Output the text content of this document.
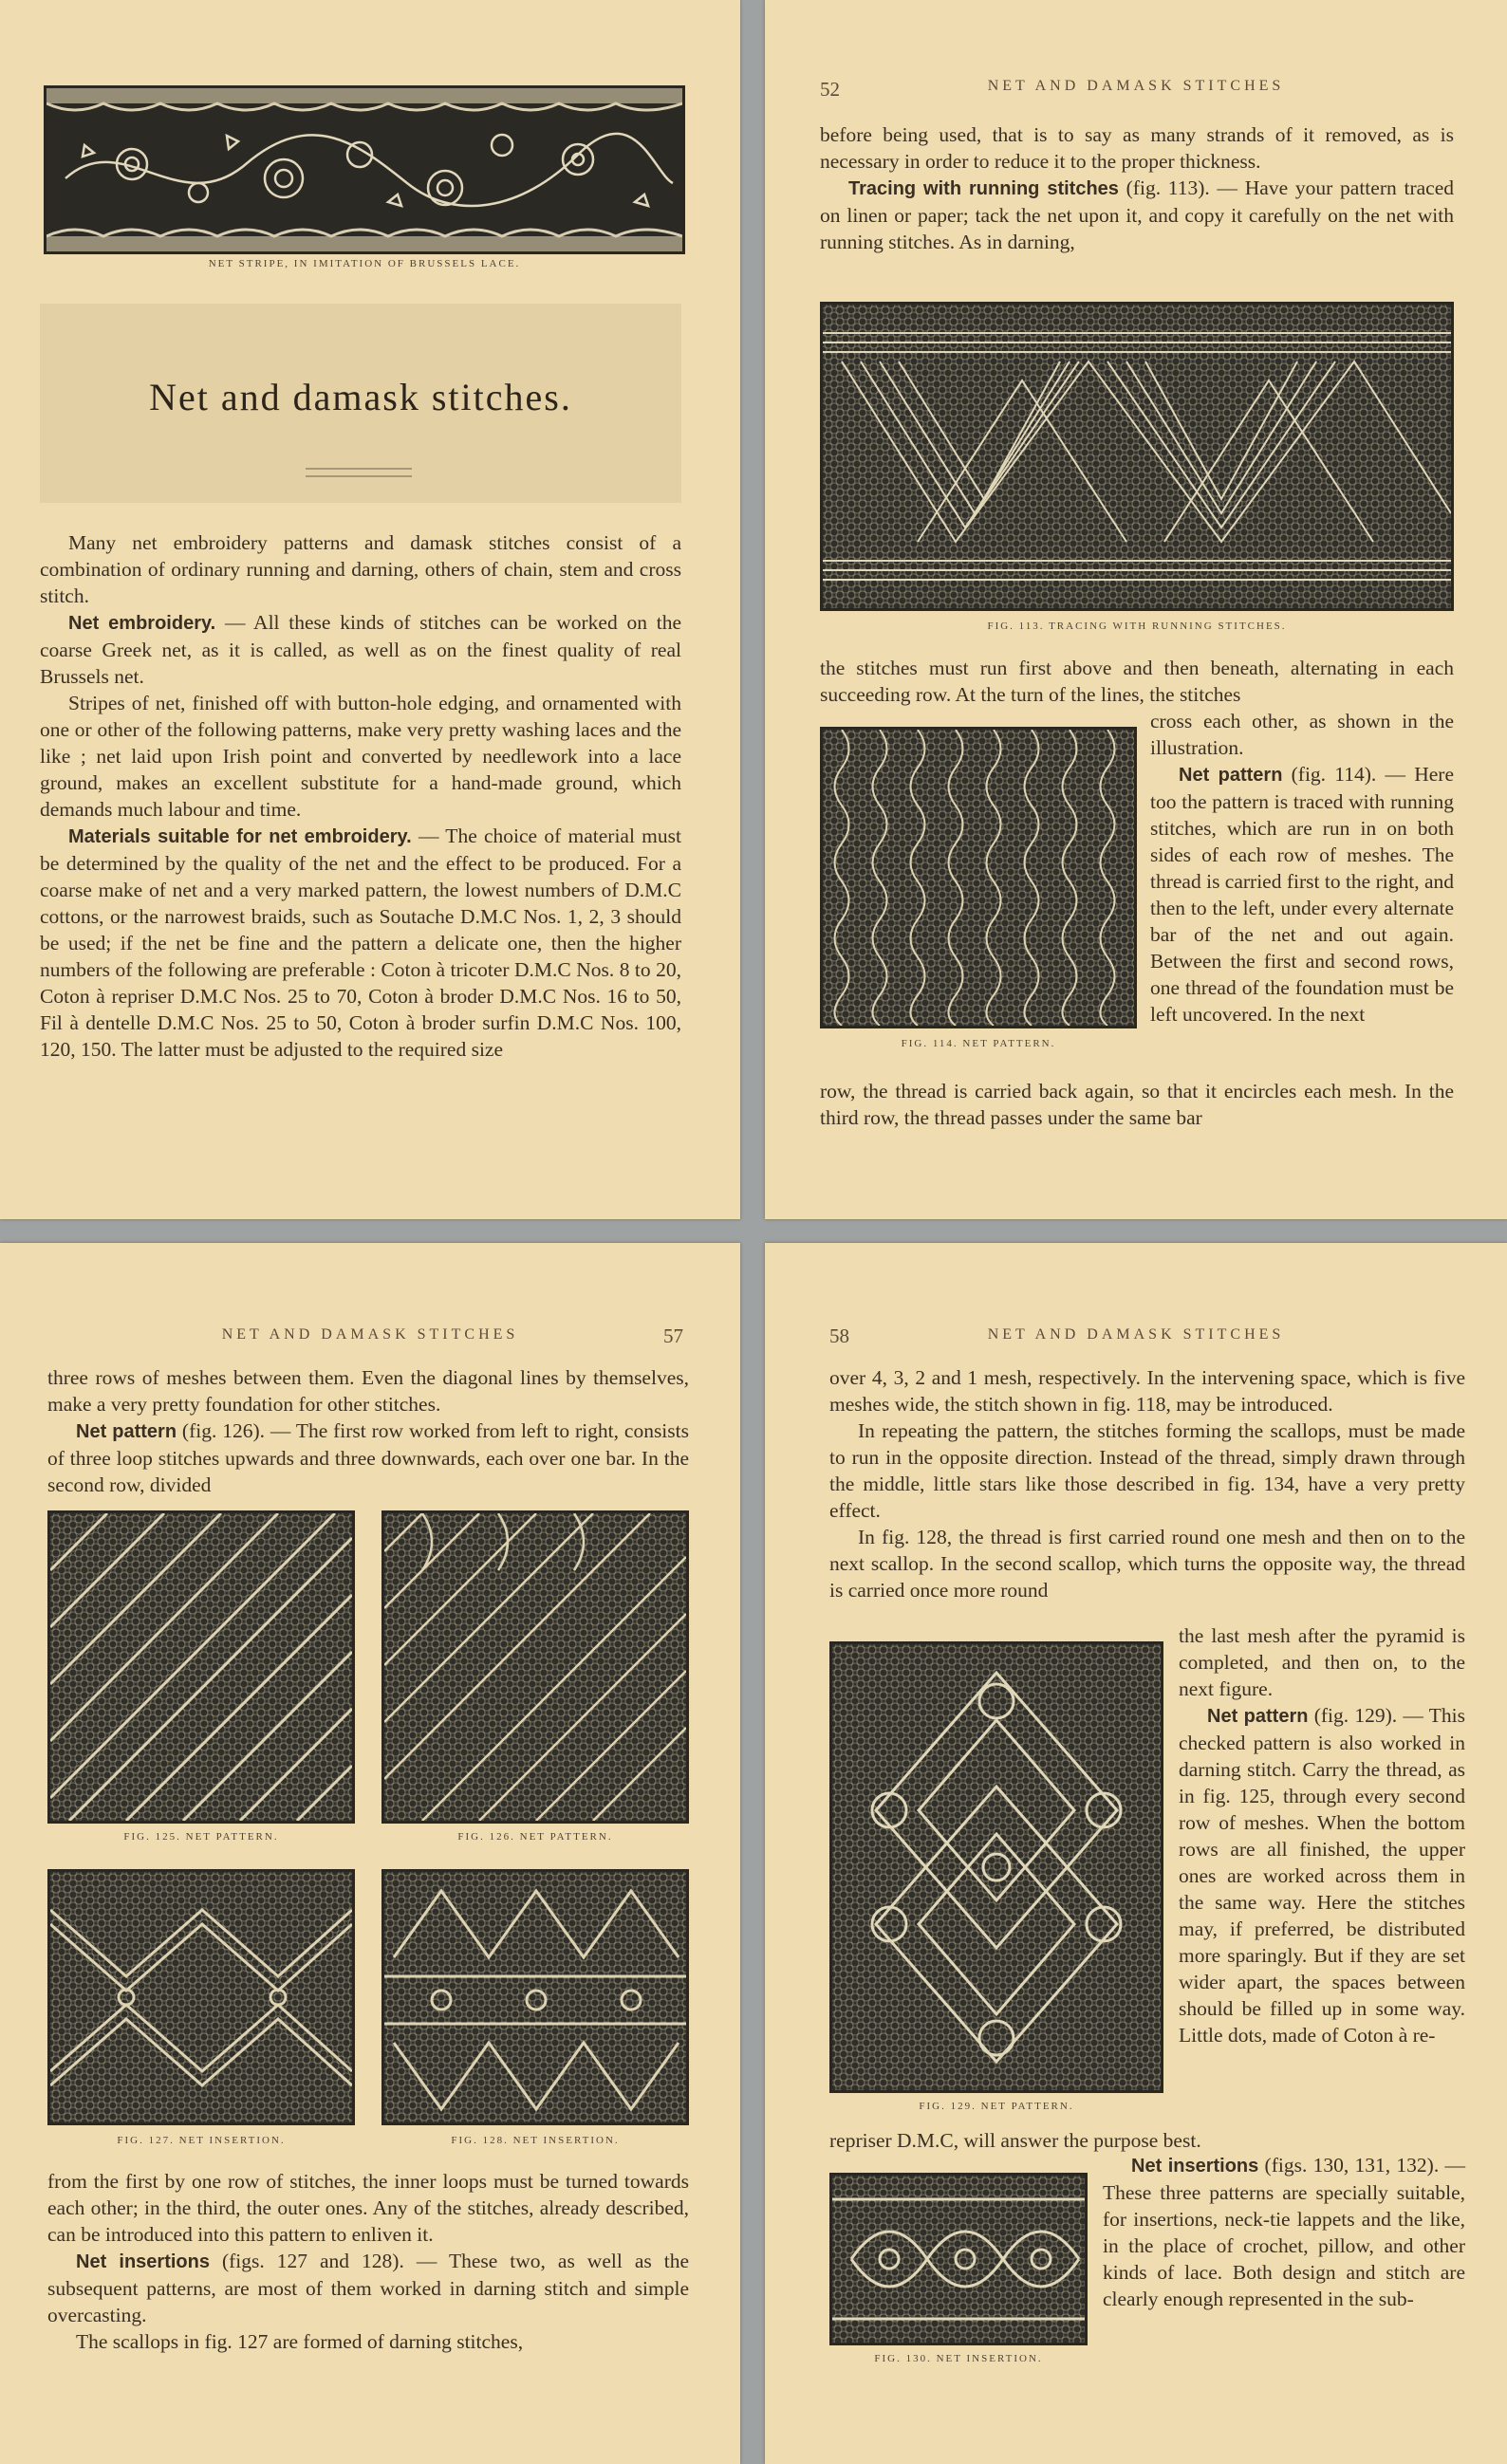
NET STRIPE, IN IMITATION OF BRUSSELS LACE.
Net and damask stitches.

Many net embroidery patterns and damask stitches consist of a combination of ordinary running and darning, others of chain, stem and cross stitch.

Net embroidery. — All these kinds of stitches can be worked on the coarse Greek net, as it is called, as well as on the finest quality of real Brussels net.

Stripes of net, finished off with button-hole edging, and ornamented with one or other of the following patterns, make very pretty washing laces and the like ; net laid upon Irish point and converted by needlework into a lace ground, makes an excellent substitute for a hand-made ground, which demands much labour and time.

Materials suitable for net embroidery. — The choice of material must be determined by the quality of the net and the effect to be produced. For a coarse make of net and a very marked pattern, the lowest numbers of D.M.C cottons, or the narrowest braids, such as Soutache D.M.C Nos. 1, 2, 3 should be used; if the net be fine and the pattern a delicate one, then the higher numbers of the following are preferable : Coton à tricoter D.M.C Nos. 8 to 20, Coton à repriser D.M.C Nos. 25 to 70, Coton à broder D.M.C Nos. 16 to 50, Fil à dentelle D.M.C Nos. 25 to 50, Coton à broder surfin D.M.C Nos. 100, 120, 150. The latter must be adjusted to the required size

52	NET AND DAMASK STITCHES

before being used, that is to say as many strands of it removed, as is necessary in order to reduce it to the proper thickness.

Tracing with running stitches (fig. 113). — Have your pattern traced on linen or paper; tack the net upon it, and copy it carefully on the net with running stitches. As in darning,

FIG. 113. TRACING WITH RUNNING STITCHES.

the stitches must run first above and then beneath, alternating in each succeeding row. At the turn of the lines, the stitches

FIG. 114. NET PATTERN.

cross each other, as shown in the illustration.

Net pattern (fig. 114). — Here too the pattern is traced with running stitches, which are run in on both sides of each row of meshes. The thread is carried first to the right, and then to the left, under every alternate bar of the net and out again. Between the first and second rows, one thread of the foundation must be left uncovered. In the next

row, the thread is carried back again, so that it encircles each mesh. In the third row, the thread passes under the same bar

NET AND DAMASK STITCHES	57

three rows of meshes between them. Even the diagonal lines by themselves, make a very pretty foundation for other stitches.

Net pattern (fig. 126). — The first row worked from left to right, consists of three loop stitches upwards and three downwards, each over one bar. In the second row, divided

FIG. 125. NET PATTERN.	FIG. 126. NET PATTERN.
FIG. 127. NET INSERTION.	FIG. 128. NET INSERTION.

from the first by one row of stitches, the inner loops must be turned towards each other; in the third, the outer ones. Any of the stitches, already described, can be introduced into this pattern to enliven it.

Net insertions (figs. 127 and 128). — These two, as well as the subsequent patterns, are most of them worked in darning stitch and simple overcasting.

The scallops in fig. 127 are formed of darning stitches,

58	NET AND DAMASK STITCHES

over 4, 3, 2 and 1 mesh, respectively. In the intervening space, which is five meshes wide, the stitch shown in fig. 118, may be introduced.

In repeating the pattern, the stitches forming the scallops, must be made to run in the opposite direction. Instead of the thread, simply drawn through the middle, little stars like those described in fig. 134, have a very pretty effect.

In fig. 128, the thread is first carried round one mesh and then on to the next scallop. In the second scallop, which turns the opposite way, the thread is carried once more round

FIG. 129. NET PATTERN.

the last mesh after the pyramid is completed, and then on, to the next figure.

Net pattern (fig. 129). — This checked pattern is also worked in darning stitch. Carry the thread, as in fig. 125, through every second row of meshes. When the bottom rows are all finished, the upper ones are worked across them in the same way. Here the stitches may, if preferred, be distributed more sparingly. But if they are set wider apart, the spaces between should be filled up in some way. Little dots, made of Coton à re-

repriser D.M.C, will answer the purpose best.

FIG. 130. NET INSERTION.

Net insertions (figs. 130, 131, 132). — These three patterns are specially suitable, for insertions, neck-tie lappets and the like, in the place of crochet, pillow, and other kinds of lace. Both design and stitch are clearly enough represented in the sub-
